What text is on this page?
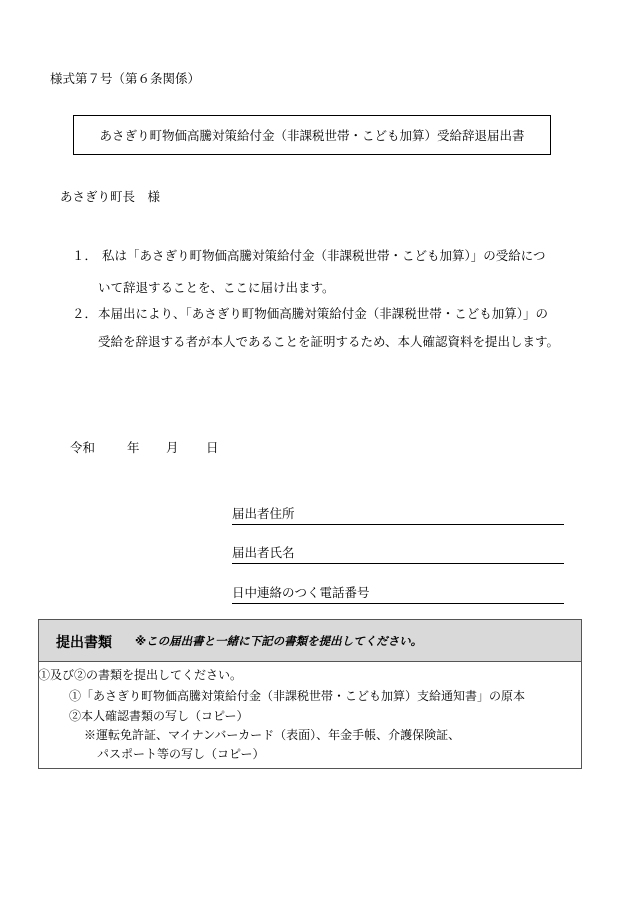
様式第７号（第６条関係）
あさぎり町物価高騰対策給付金（非課税世帯・こども加算）受給辞退届出書
あさぎり町長　様
１． 私は「あさぎり町物価高騰対策給付金（非課税世帯・こども加算）」の受給につ
いて辞退することを、ここに届け出ます。
２． 本届出により、「あさぎり町物価高騰対策給付金（非課税世帯・こども加算）」の
受給を辞退する者が本人であることを証明するため、本人確認資料を提出します。
令和	年 月 日
届出者住所
届出者氏名
日中連絡のつく電話番号
提出書類 ※この届出書と一緒に下記の書類を提出してください。
①及び②の書類を提出してください。
①「あさぎり町物価高騰対策給付金（非課税世帯・こども加算）支給通知書」の原本
②本人確認書類の写し（コピー）
※運転免許証、マイナンバーカード（表面）、年金手帳、介護保険証、
パスポート等の写し（コピー）
